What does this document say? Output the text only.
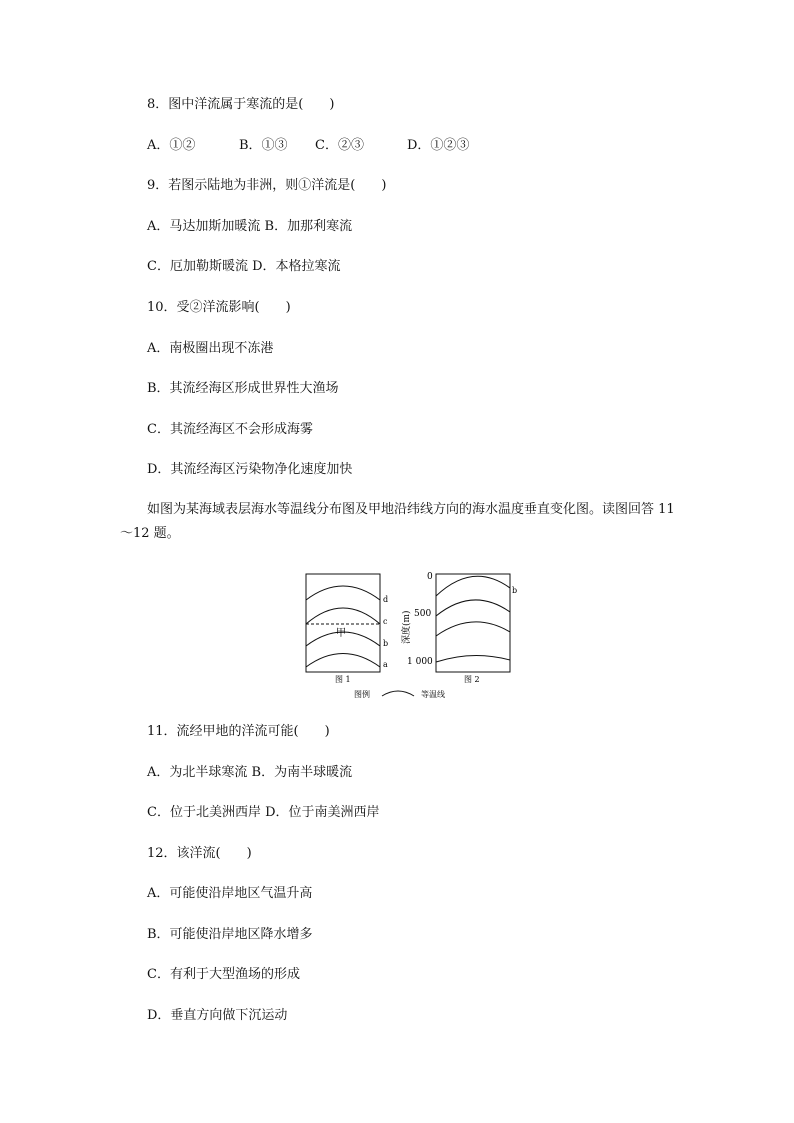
8．图中洋流属于寒流的是(　　)
A．①②	B．①③ C．②③	D．①②③
9．若图示陆地为非洲，则①洋流是(　　)
A．马达加斯加暖流 B．加那利寒流
C．厄加勒斯暖流 D．本格拉寒流
10．受②洋流影响(　　)
A．南极圈出现不冻港
B．其流经海区形成世界性大渔场
C．其流经海区不会形成海雾
D．其流经海区污染物净化速度加快
如图为某海域表层海水等温线分布图及甲地沿纬线方向的海水温度垂直变化图。读图回答 11～12 题。
甲
d
c
b
a
图 1
0
500
1 000
深度(m)
b
图 2
图例	等温线
11．流经甲地的洋流可能(　　)
A．为北半球寒流 B．为南半球暖流
C．位于北美洲西岸 D．位于南美洲西岸
12．该洋流(　　)
A．可能使沿岸地区气温升高
B．可能使沿岸地区降水增多
C．有利于大型渔场的形成
D．垂直方向做下沉运动
